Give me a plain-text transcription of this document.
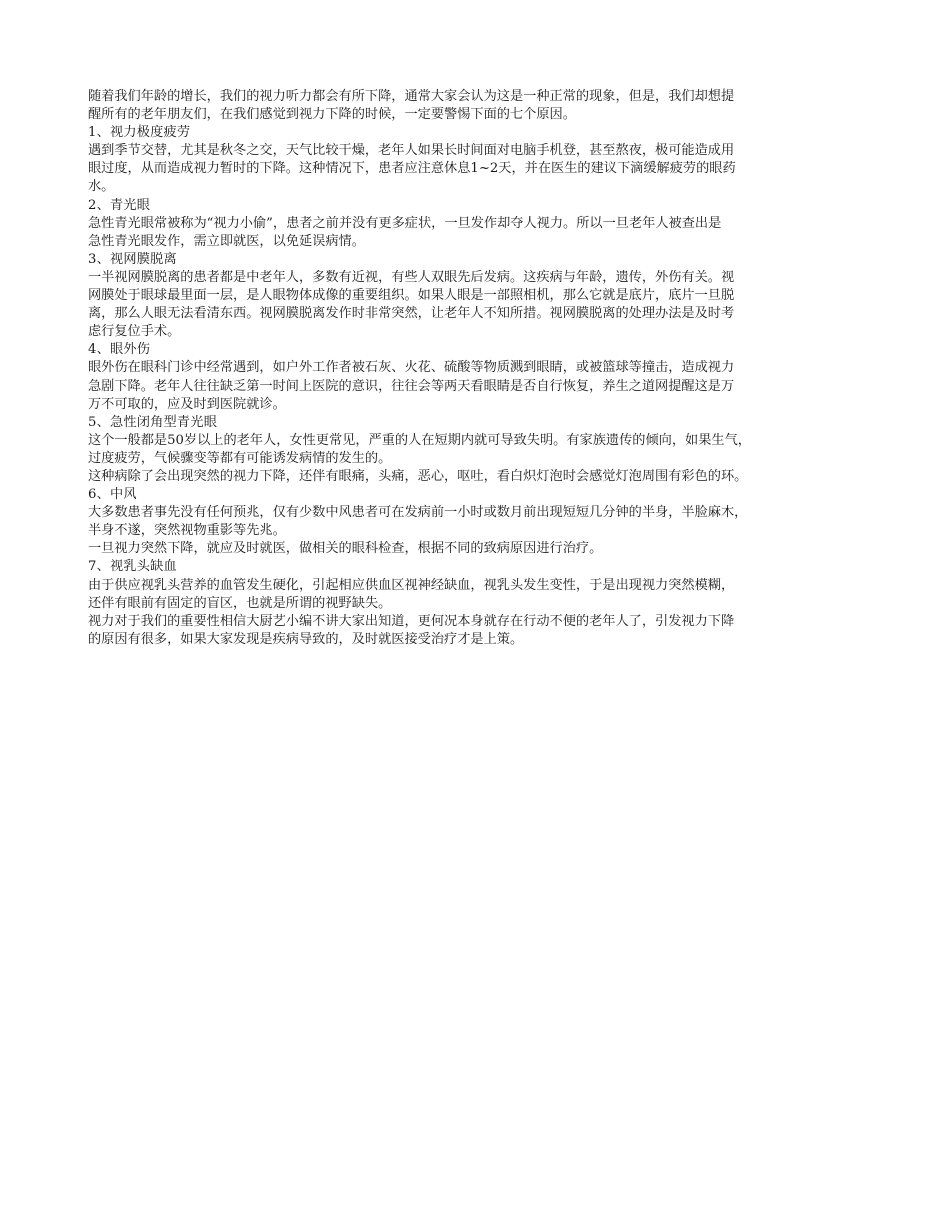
随着我们年龄的增长，我们的视力听力都会有所下降，通常大家会认为这是一种正常的现象，但是，我们却想提

醒所有的老年朋友们，在我们感觉到视力下降的时候，一定要警惕下面的七个原因。

1、视力极度疲劳

遇到季节交替，尤其是秋冬之交，天气比较干燥，老年人如果长时间面对电脑手机登，甚至熬夜，极可能造成用

眼过度，从而造成视力暂时的下降。这种情况下，患者应注意休息1~2天，并在医生的建议下滴缓解疲劳的眼药

水。

2、青光眼

急性青光眼常被称为“视力小偷”，患者之前并没有更多症状，一旦发作却夺人视力。所以一旦老年人被查出是

急性青光眼发作，需立即就医，以免延误病情。

3、视网膜脱离

一半视网膜脱离的患者都是中老年人，多数有近视，有些人双眼先后发病。这疾病与年龄，遗传，外伤有关。视

网膜处于眼球最里面一层，是人眼物体成像的重要组织。如果人眼是一部照相机，那么它就是底片，底片一旦脱

离，那么人眼无法看清东西。视网膜脱离发作时非常突然，让老年人不知所措。视网膜脱离的处理办法是及时考

虑行复位手术。

4、眼外伤

眼外伤在眼科门诊中经常遇到，如户外工作者被石灰、火花、硫酸等物质溅到眼睛，或被篮球等撞击，造成视力

急剧下降。老年人往往缺乏第一时间上医院的意识，往往会等两天看眼睛是否自行恢复，养生之道网提醒这是万

万不可取的，应及时到医院就诊。

5、急性闭角型青光眼

这个一般都是50岁以上的老年人，女性更常见，严重的人在短期内就可导致失明。有家族遗传的倾向，如果生气，

过度疲劳，气候骤变等都有可能诱发病情的发生的。

这种病除了会出现突然的视力下降，还伴有眼痛，头痛，恶心，呕吐，看白炽灯泡时会感觉灯泡周围有彩色的环。

6、中风

大多数患者事先没有任何预兆，仅有少数中风患者可在发病前一小时或数月前出现短短几分钟的半身，半脸麻木，

半身不遂，突然视物重影等先兆。

一旦视力突然下降，就应及时就医，做相关的眼科检查，根据不同的致病原因进行治疗。

7、视乳头缺血

由于供应视乳头营养的血管发生硬化，引起相应供血区视神经缺血，视乳头发生变性，于是出现视力突然模糊，

还伴有眼前有固定的盲区，也就是所谓的视野缺失。

视力对于我们的重要性相信大厨艺小编不讲大家出知道，更何况本身就存在行动不便的老年人了，引发视力下降

的原因有很多，如果大家发现是疾病导致的，及时就医接受治疗才是上策。
